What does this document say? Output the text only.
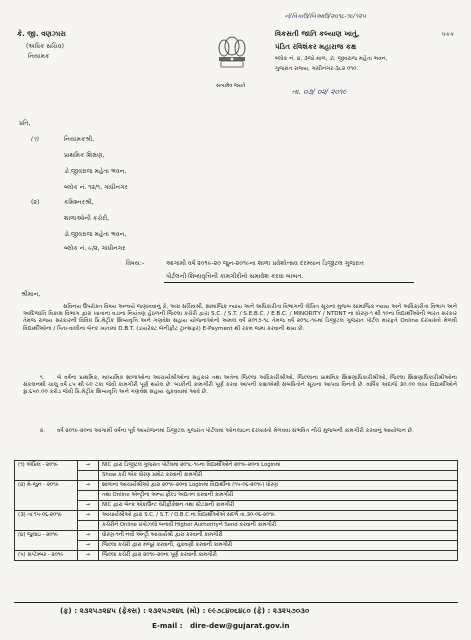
નં/વિકાઉ/બિઆઉ/૨૦૧૮-૧૯/૧૨૫
પકક
કે. જી. વણઝારા
(અધિક સચિવ)
નિયામક
સત્યમેવ જયતે
વિકસતી જાતિ કલ્યાણ ખાતું,
પંડિત રવિશંકર મહારાજ કક્ષ
બ્લોક નં. ૪, ૩જો માળ, ડૉ. જીવરાજ મહેતા ભવન,
ગુજરાત રાજ્ય, ગાંધીનગર-૩૮૨ ૦૧૦.
તા. ૦૭/ ૦૨/ ૨૦૧૯
પ્રતિ,
(૧)	નિયામકશ્રી,
પ્રાથમિક શિક્ષણ,
ડો.જીવરાજ મહેતા ભવન,
બ્લોક નં. ૧૨/૧, ગાંધીનગર
(૨)	કમિશ્નરશ્રી,
શાળાઓની કચેરી,
ડો.જીવરાજ મહેતા ભવન,
બ્લોક નં. ૯/૨, ગાંધીનગર
વિષય:-	આગામી વર્ષ ૨૦૧૯-૨૦ જુન-૨૦૧૯ના શાળા પ્રવેશોત્સવ દરમ્યાન ડિજીટલ ગુજરાત
પોર્ટલની શિષ્યવૃત્તિની કામગીરીનો સમાવેશ કરવા બાબત.
શ્રીમાન,
સવિનય ઉપરોક્ત વિષય અન્વયે જણાવવાનું કે, અગ્ર સચિવશ્રી, સામાજિક ન્યાય અને અધિકારીતા વિભાગની લેખિત સૂચના મુજબ સામાજિક ન્યાય અને અધિકારીતા વિભાગ અને આદિજાતિ વિકાસ વિભાગ દ્વારા ખાતાના વડાના નિયંત્રણ હેઠળની જિલ્લા કચેરી દ્વારા S.C. / S.T. / S.E.B.C. / E.B.C. / MINORITY / NTDNT ના ધોરણ-૧ થી ૧૦ના વિદ્યાર્થીઓની ભારત સરકાર તેમજ રાજ્ય સરકારની વિવિધ પ્રિ.મેટ્રીક શિષ્યવૃત્તિ અને ગણવેશ સહાય યોજનાઓનો અમલ વર્ષ ૨૦૧૭-૧૮ તેમજ વર્ષ ૨૦૧૮-૧૯માં ડિજીટલ ગુજરાત પોર્ટલ મારફતે Online દરખાસ્તો મેળવી વિદ્યાર્થીઓના / પિતા-વાલીના બેન્ક ખાતામાં D.B.T. (ડાયરેક્ટ બેનીફીટ ટ્રાન્સફર) E-Payment થી રકમ જમા કરવાની થાય છે.
૧.	બે વર્ષના પ્રાથમિક, માધ્યમિક શાળાઓના આચાર્યશ્રીઓના સહકાર તથા અત્રેના જિલ્લા અધિકારીશ્રીઓ, જિલ્લાના પ્રાથમિક શિક્ષણાધિકારીશ્રીઓ, જિલ્લા શિક્ષણાધિકારીશ્રીઓના સંકલનથી ચાલુ વર્ષે ૮૫ થી ૯૦ ટકા જેવી કામગીરી પૂર્ણ થયેલ છે. બાકીની કામગીરી પૂર્ણ કરવા આપની કક્ષાએથી સબંધિતોને સૂચના આપવા વિનંતી છે. વાર્ષિક અંદાજે ૩૦.૦૦ લાખ વિદ્યાર્થીઓને રૂા.૬૫૦.૦૦ કરોડ જેવી પ્રિ.મેટ્રીક શિષ્યવૃત્તિ અને ગણવેશ સહાય ચુકવવામાં આવે છે.
૨.	વર્ષ ૨૦૧૯-૨૦ના આગામી વર્ષના પૂર્વ આયોજનમાં ડિજીટલ ગુજરાત પોર્ટલમાં ઓનલાઇન દરખાસ્તો મેળવવા સંભવિત નીચે મુજબની કામગીરી કરવાનું આયોજન છે.
(૧) એપ્રિલ - ૨૦૧૯	→	NIC દ્વારા ડિજીટલ ગુજરાત પોર્ટલમાં ૨૦૧૮-૧૯ના વિદ્યાર્થીઓને ૨૦૧૯-૨૦ના Loginમાં
		Show કરી એક ધોરણ પ્રમોટ કરવાની કામગીરી
(૨) મે-જુન - ૨૦૧૯	→	શાળાના આચાર્યશ્રીઓ દ્વારા ૨૦૧૯-૨૦ના Loginમાં વિદ્યાર્થીના (૧૫-૦૬-૨૦૧૯) ધોરણ
		તથા Online એન્ટ્રીના અન્ય ફીલ્ડ અદ્યતન કરવાની કામગીરી
	→	NIC દ્વારા બેન્ક એકાઉન્ટ વેરીફીકેશન તથા સ્ટેટસની કામગીરી
(૩) તા.૧૫-૦૬-૨૦૧૯	→	આચાર્યશ્રીઓ દ્વારા S.C. / S.T. / O.B.C.ના વિદ્યાર્થીઓએ સંદર્ભ તા.૩૦-૦૬-૨૦૧૯
		કચેરીને Online પ્રપોઝલો બનાવી Higher Authorityને Send કરવાની કામગીરી
(૪) જુલાઇ - ૨૦૧૯	→	ધોરણ-૧ની નવી એન્ટ્રી આચાર્યશ્રી દ્વારા કરવાની કામગીરી
	→	જિલ્લા કચેરી દ્વારા મંજૂર કરવાની, ચુકવણી કરવાની કામગીરી
(૫) સપ્ટેમ્બર - ૨૦૧૯	→	જિલ્લા કચેરી દ્વારા ૨૦૧૯-૨૦ના પૂર્ણ કરવાની કામગીરી
(ફ) : ૨૩૨૫૭૨૪૫ (ફેક્સ) : ૨૩૨૫૭૨૪૬ (મો) : ૯૯૭૮૪૦૬૪૮૦ (ફે) : ૨૩૨૫૭૦૩૦
E-mail : dire-dew@gujarat.gov.in
